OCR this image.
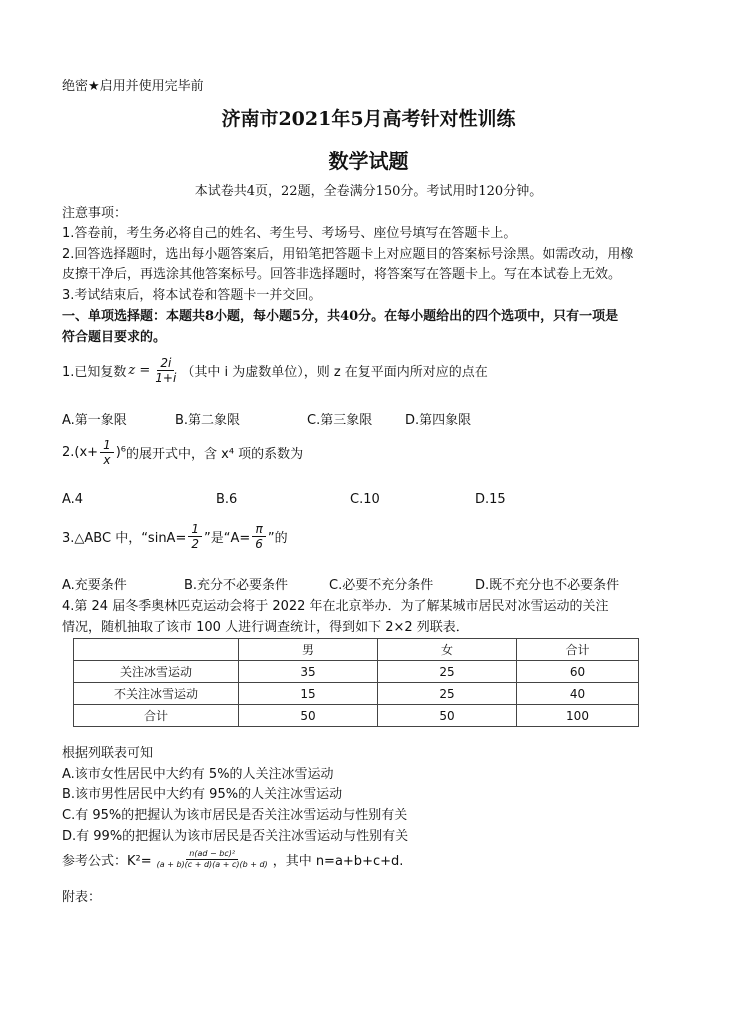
绝密★启用并使用完毕前
济南市2021年5月高考针对性训练
数学试题
本试卷共4页，22题，全卷满分150分。考试用时120分钟。
注意事项：
1.答卷前，考生务必将自己的姓名、考生号、考场号、座位号填写在答题卡上。
2.回答选择题时，选出每小题答案后，用铅笔把答题卡上对应题目的答案标号涂黑。如需改动，用橡
皮擦干净后，再选涂其他答案标号。回答非选择题时，将答案写在答题卡上。写在本试卷上无效。
3.考试结束后，将本试卷和答题卡一并交回。
一、单项选择题：本题共8小题，每小题5分，共40分。在每小题给出的四个选项中，只有一项是
符合题目要求的。
1.已知复数 $z = \frac{2i}{1+i}$ （其中 i 为虚数单位），则 z 在复平面内所对应的点在
A.第一象限	B.第二象限	C.第三象限	D.第四象限
$2.(x+ \frac{1}{x} )^6$ 的展开式中，含 x⁴ 项的系数为
A.4	B.6	C.10	D.15
3.△ABC 中，“$\sin A= \frac{1}{2}$ ”是“$A= \frac{\pi}{6}$ ”的
A.充要条件	B.充分不必要条件	C.必要不充分条件	D.既不充分也不必要条件
4.第 24 届冬季奥林匹克运动会将于 2022 年在北京举办．为了解某城市居民对冰雪运动的关注
情况，随机抽取了该市 100 人进行调查统计，得到如下 2×2 列联表．
	男	女	合计
关注冰雪运动	35	25	60
不关注冰雪运动	15	25	40
合计	50	50	100
根据列联表可知
A.该市女性居民中大约有 5%的人关注冰雪运动
B.该市男性居民中大约有 95%的人关注冰雪运动
C.有 95%的把握认为该市居民是否关注冰雪运动与性别有关
D.有 99%的把握认为该市居民是否关注冰雪运动与性别有关
参考公式：$K^2= \frac{\text{n(ad − bc)²}}{(a + b)(c + d)(a + c)(b + d)}$ ，其中 n=a+b+c+d.
附表：
